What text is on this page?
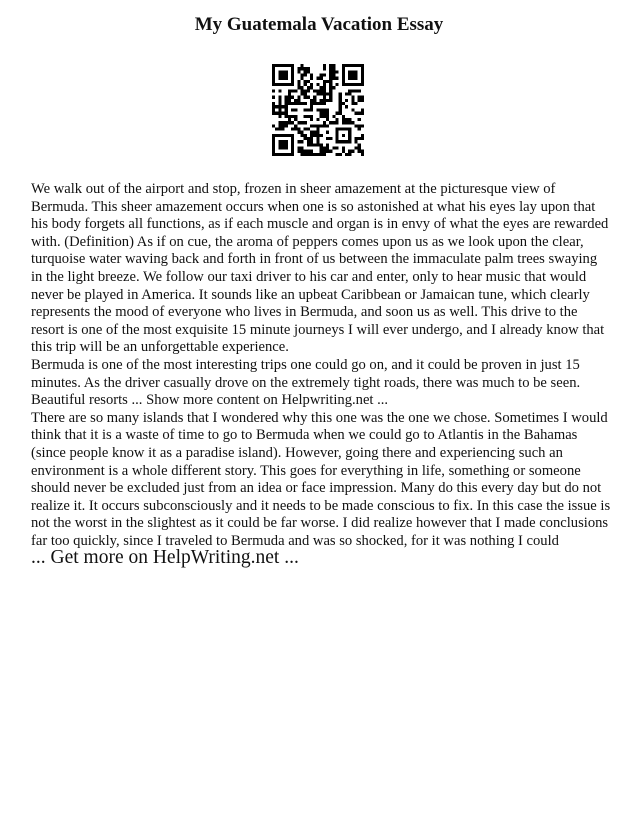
My Guatemala Vacation Essay

We walk out of the airport and stop, frozen in sheer amazement at the picturesque view of Bermuda. This sheer amazement occurs when one is so astonished at what his eyes lay upon that his body forgets all functions, as if each muscle and organ is in envy of what the eyes are rewarded with. (Definition) As if on cue, the aroma of peppers comes upon us as we look upon the clear, turquoise water waving back and forth in front of us between the immaculate palm trees swaying in the light breeze. We follow our taxi driver to his car and enter, only to hear music that would never be played in America. It sounds like an upbeat Caribbean or Jamaican tune, which clearly represents the mood of everyone who lives in Bermuda, and soon us as well. This drive to the resort is one of the most exquisite 15 minute journeys I will ever undergo, and I already know that this trip will be an unforgettable experience.

Bermuda is one of the most interesting trips one could go on, and it could be proven in just 15 minutes. As the driver casually drove on the extremely tight roads, there was much to be seen. Beautiful resorts ... Show more content on Helpwriting.net ...

There are so many islands that I wondered why this one was the one we chose. Sometimes I would think that it is a waste of time to go to Bermuda when we could go to Atlantis in the Bahamas (since people know it as a paradise island). However, going there and experiencing such an environment is a whole different story. This goes for everything in life, something or someone should never be excluded just from an idea or face impression. Many do this every day but do not realize it. It occurs subconsciously and it needs to be made conscious to fix. In this case the issue is not the worst in the slightest as it could be far worse. I did realize however that I made conclusions far too quickly, since I traveled to Bermuda and was so shocked, for it was nothing I could

... Get more on HelpWriting.net ...
